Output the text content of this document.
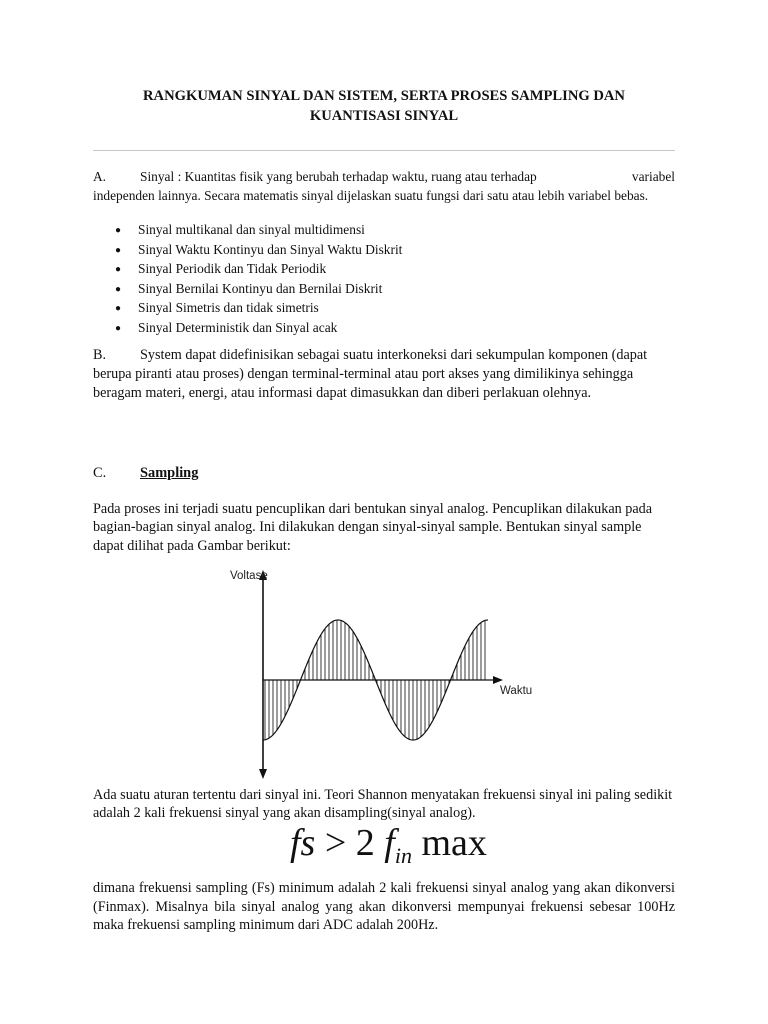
RANGKUMAN SINYAL DAN SISTEM, SERTA PROSES SAMPLING DAN
KUANTISASI SINYAL
A.	Sinyal : Kuantitas fisik yang berubah terhadap waktu, ruang atau terhadap	variabel
independen lainnya. Secara matematis sinyal dijelaskan suatu fungsi dari satu atau lebih variabel bebas.
● Sinyal multikanal dan sinyal multidimensi
● Sinyal Waktu Kontinyu dan Sinyal Waktu Diskrit
● Sinyal Periodik dan Tidak Periodik
● Sinyal Bernilai Kontinyu dan Bernilai Diskrit
● Sinyal Simetris dan tidak simetris
● Sinyal Deterministik dan Sinyal acak
B. System dapat didefinisikan sebagai suatu interkoneksi dari sekumpulan komponen (dapat berupa piranti atau proses) dengan terminal-terminal atau port akses yang dimilikinya sehingga beragam materi, energi, atau informasi dapat dimasukkan dan diberi perlakuan olehnya.
C. Sampling
Pada proses ini terjadi suatu pencuplikan dari bentukan sinyal analog. Pencuplikan dilakukan pada bagian-bagian sinyal analog. Ini dilakukan dengan sinyal-sinyal sample. Bentukan sinyal sample dapat dilihat pada Gambar berikut:
Voltase
Waktu
Ada suatu aturan tertentu dari sinyal ini. Teori Shannon menyatakan frekuensi sinyal ini paling sedikit adalah 2 kali frekuensi sinyal yang akan disampling(sinyal analog).
fs > 2 $f_{in}$ max
dimana frekuensi sampling (Fs) minimum adalah 2 kali frekuensi sinyal analog yang akan dikonversi (Finmax). Misalnya bila sinyal analog yang akan dikonversi mempunyai frekuensi sebesar 100Hz maka frekuensi sampling minimum dari ADC adalah 200Hz.
